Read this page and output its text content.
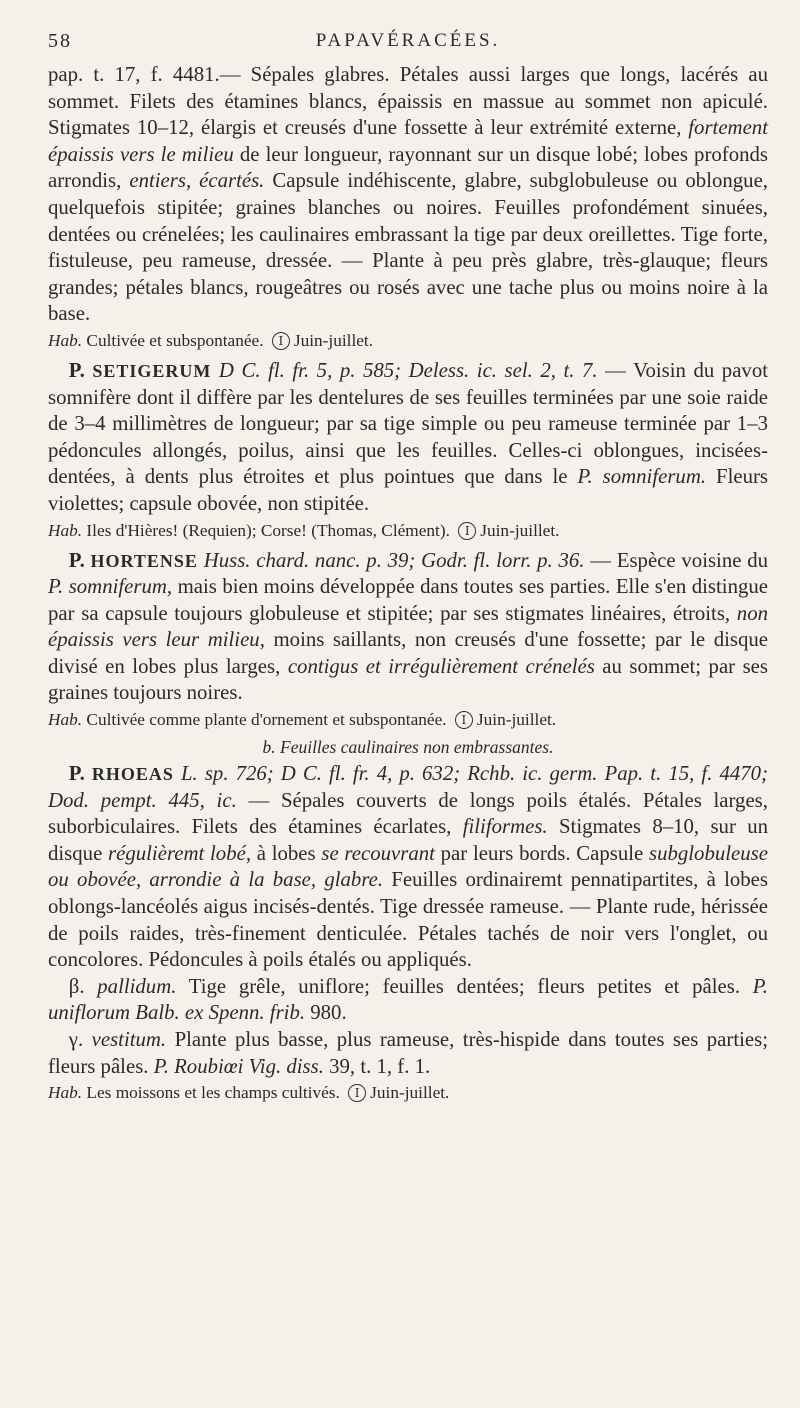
58	PAPAVÉRACÉES.

pap. t. 17, f. 4481.— Sépales glabres. Pétales aussi larges que longs, lacérés au sommet. Filets des étamines blancs, épaissis en massue au sommet non apiculé. Stigmates 10–12, élargis et creusés d'une fossette à leur extrémité externe, fortement épaissis vers le milieu de leur longueur, rayonnant sur un disque lobé; lobes profonds arrondis, entiers, écartés. Capsule indéhiscente, glabre, subglobuleuse ou oblongue, quelquefois stipitée; graines blanches ou noires. Feuilles profondément sinuées, dentées ou crénelées; les caulinaires embrassant la tige par deux oreillettes. Tige forte, fistuleuse, peu rameuse, dressée. — Plante à peu près glabre, très-glauque; fleurs grandes; pétales blancs, rougeâtres ou rosés avec une tache plus ou moins noire à la base.

Hab. Cultivée et subspontanée. Ⅰ Juin-juillet.

 P. SETIGERUM D C. fl. fr. 5, p. 585; Deless. ic. sel. 2, t. 7. — Voisin du pavot somnifère dont il diffère par les dentelures de ses feuilles terminées par une soie raide de 3–4 millimètres de longueur; par sa tige simple ou peu rameuse terminée par 1–3 pédoncules allongés, poilus, ainsi que les feuilles. Celles-ci oblongues, incisées-dentées, à dents plus étroites et plus pointues que dans le P. somniferum. Fleurs violettes; capsule obovée, non stipitée.

Hab. Iles d'Hières! (Requien); Corse! (Thomas, Clément). Ⅰ Juin-juillet.

 P. HORTENSE Huss. chard. nanc. p. 39; Godr. fl. lorr. p. 36. — Espèce voisine du P. somniferum, mais bien moins développée dans toutes ses parties. Elle s'en distingue par sa capsule toujours globuleuse et stipitée; par ses stigmates linéaires, étroits, non épaissis vers leur milieu, moins saillants, non creusés d'une fossette; par le disque divisé en lobes plus larges, contigus et irrégulièrement crénelés au sommet; par ses graines toujours noires.

Hab. Cultivée comme plante d'ornement et subspontanée. Ⅰ Juin-juillet.
b. Feuilles caulinaires non embrassantes.

 P. RHOEAS L. sp. 726; D C. fl. fr. 4, p. 632; Rchb. ic. germ. Pap. t. 15, f. 4470; Dod. pempt. 445, ic. — Sépales couverts de longs poils étalés. Pétales larges, suborbiculaires. Filets des étamines écarlates, filiformes. Stigmates 8–10, sur un disque régulièremt lobé, à lobes se recouvrant par leurs bords. Capsule subglobuleuse ou obovée, arrondie à la base, glabre. Feuilles ordinairemt pennatipartites, à lobes oblongs-lancéolés aigus incisés-dentés. Tige dressée rameuse. — Plante rude, hérissée de poils raides, très-finement denticulée. Pétales tachés de noir vers l'onglet, ou concolores. Pédoncules à poils étalés ou appliqués.

 β. pallidum. Tige grêle, uniflore; feuilles dentées; fleurs petites et pâles. P. uniflorum Balb. ex Spenn. frib. 980.

 γ. vestitum. Plante plus basse, plus rameuse, très-hispide dans toutes ses parties; fleurs pâles. P. Roubiœi Vig. diss. 39, t. 1, f. 1.

Hab. Les moissons et les champs cultivés. Ⅰ Juin-juillet.
